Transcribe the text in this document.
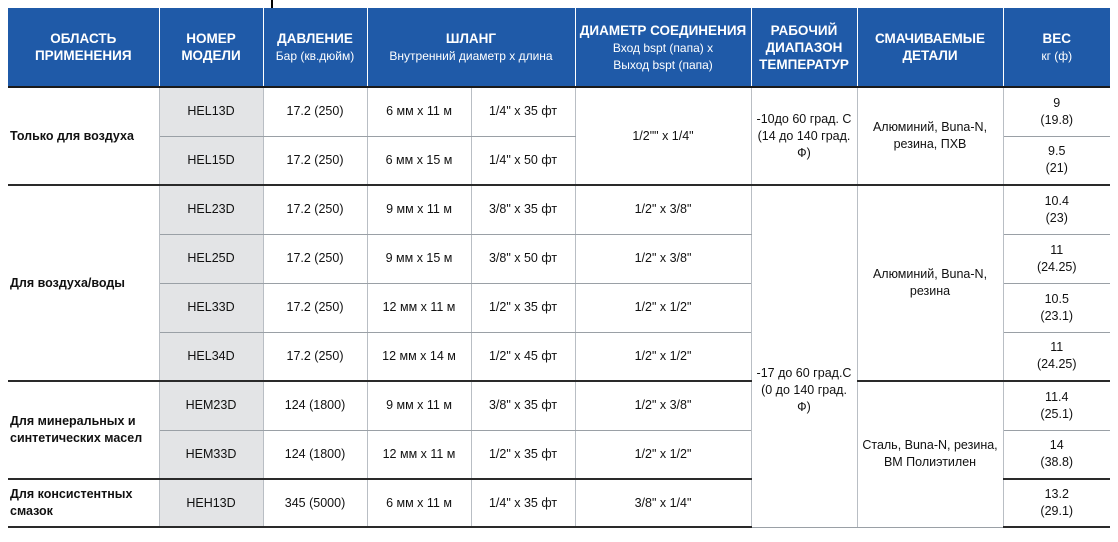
ОБЛАСТЬ ПРИМЕНЕНИЯ	НОМЕР МОДЕЛИ	ДАВЛЕНИЕ
Бар (кв.дюйм)	ШЛАНГ
Внутренний диаметр х длина		ДИАМЕТР СОЕДИНЕНИЯ
Вход bspt (папа) х
Выход bspt (папа)	РАБОЧИЙ ДИАПАЗОН ТЕМПЕРАТУР	СМАЧИВАЕМЫЕ ДЕТАЛИ	ВЕС
кг (ф)

Только для воздуха	HEL13D	17.2 (250)	6 мм х 11 м	1/4" х 35 фт	1/2"" х 1/4"	-10до 60 град. С
(14 до 140 град. Ф)	Алюминий, Buna-N,
резина, ПХВ	9
(19.8)
	HEL15D	17.2 (250)	6 мм х 15 м	1/4" х 50 фт				9.5
(21)
Для воздуха/воды	HEL23D	17.2 (250)	9 мм х 11 м	3/8" х 35 фт	1/2" х 3/8"	-17 до 60 град.С
(0 до 140 град. Ф)	Алюминий, Buna-N,
резина	10.4
(23)
	HEL25D	17.2 (250)	9 мм х 15 м	3/8" х 50 фт	1/2" х 3/8"			11
(24.25)
	HEL33D	17.2 (250)	12 мм х 11 м	1/2" х 35 фт	1/2" х 1/2"			10.5
(23.1)
	HEL34D	17.2 (250)	12 мм х 14 м	1/2" х 45 фт	1/2" х 1/2"			11
(24.25)
Для минеральных и синтетических масел	HEM23D	124 (1800)	9 мм х 11 м	3/8" х 35 фт	1/2" х 3/8"		Сталь, Buna-N, резина,
ВМ Полиэтилен	11.4
(25.1)
	HEM33D	124 (1800)	12 мм х 11 м	1/2" х 35 фт	1/2" х 1/2"			14
(38.8)
Для консистентных смазок	HEH13D	345 (5000)	6 мм х 11 м	1/4" х 35 фт	3/8" х 1/4"			13.2
(29.1)
